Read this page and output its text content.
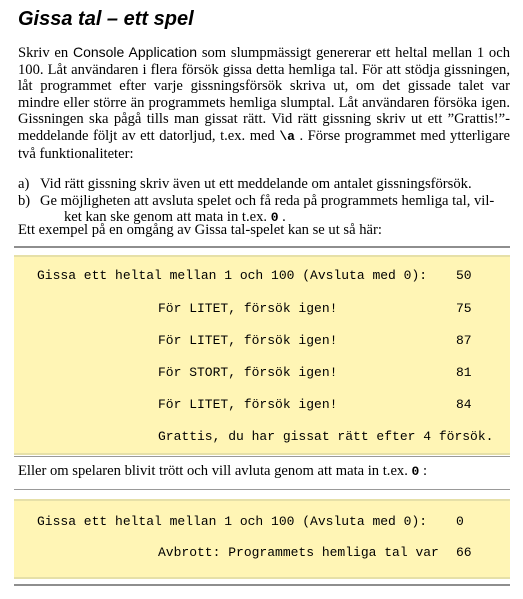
Gissa tal – ett spel
Skriv en Console Application som slumpmässigt genererar ett heltal mellan 1 och 100. Låt användaren i flera försök gissa detta hemliga tal. För att stödja gissningen, låt programmet efter varje gissningsförsök skriva ut, om det gissade talet var mindre eller större än programmets hemliga slumptal. Låt användaren försöka igen. Gissningen ska pågå tills man gissat rätt. Vid rätt gissning skriv ut ett ”Grattis!”-meddelande följt av ett datorljud, t.ex. med \a . Förse programmet med ytterligare två funktionaliteter:
a) Vid rätt gissning skriv även ut ett meddelande om antalet gissningsförsök.
b) Ge möjligheten att avsluta spelet och få reda på programmets hemliga tal, vil-
ket kan ske genom att mata in t.ex. 0 .
Ett exempel på en omgång av Gissa tal-spelet kan se ut så här:
Gissa ett heltal mellan 1 och 100 (Avsluta med 0): 50
För LITET, försök igen!	75
För LITET, försök igen!	87
För STORT, försök igen!	81
För LITET, försök igen!	84
Grattis, du har gissat rätt efter 4 försök.
Eller om spelaren blivit trött och vill avluta genom att mata in t.ex. 0 :
Gissa ett heltal mellan 1 och 100 (Avsluta med 0): 0
Avbrott: Programmets hemliga tal var 66
